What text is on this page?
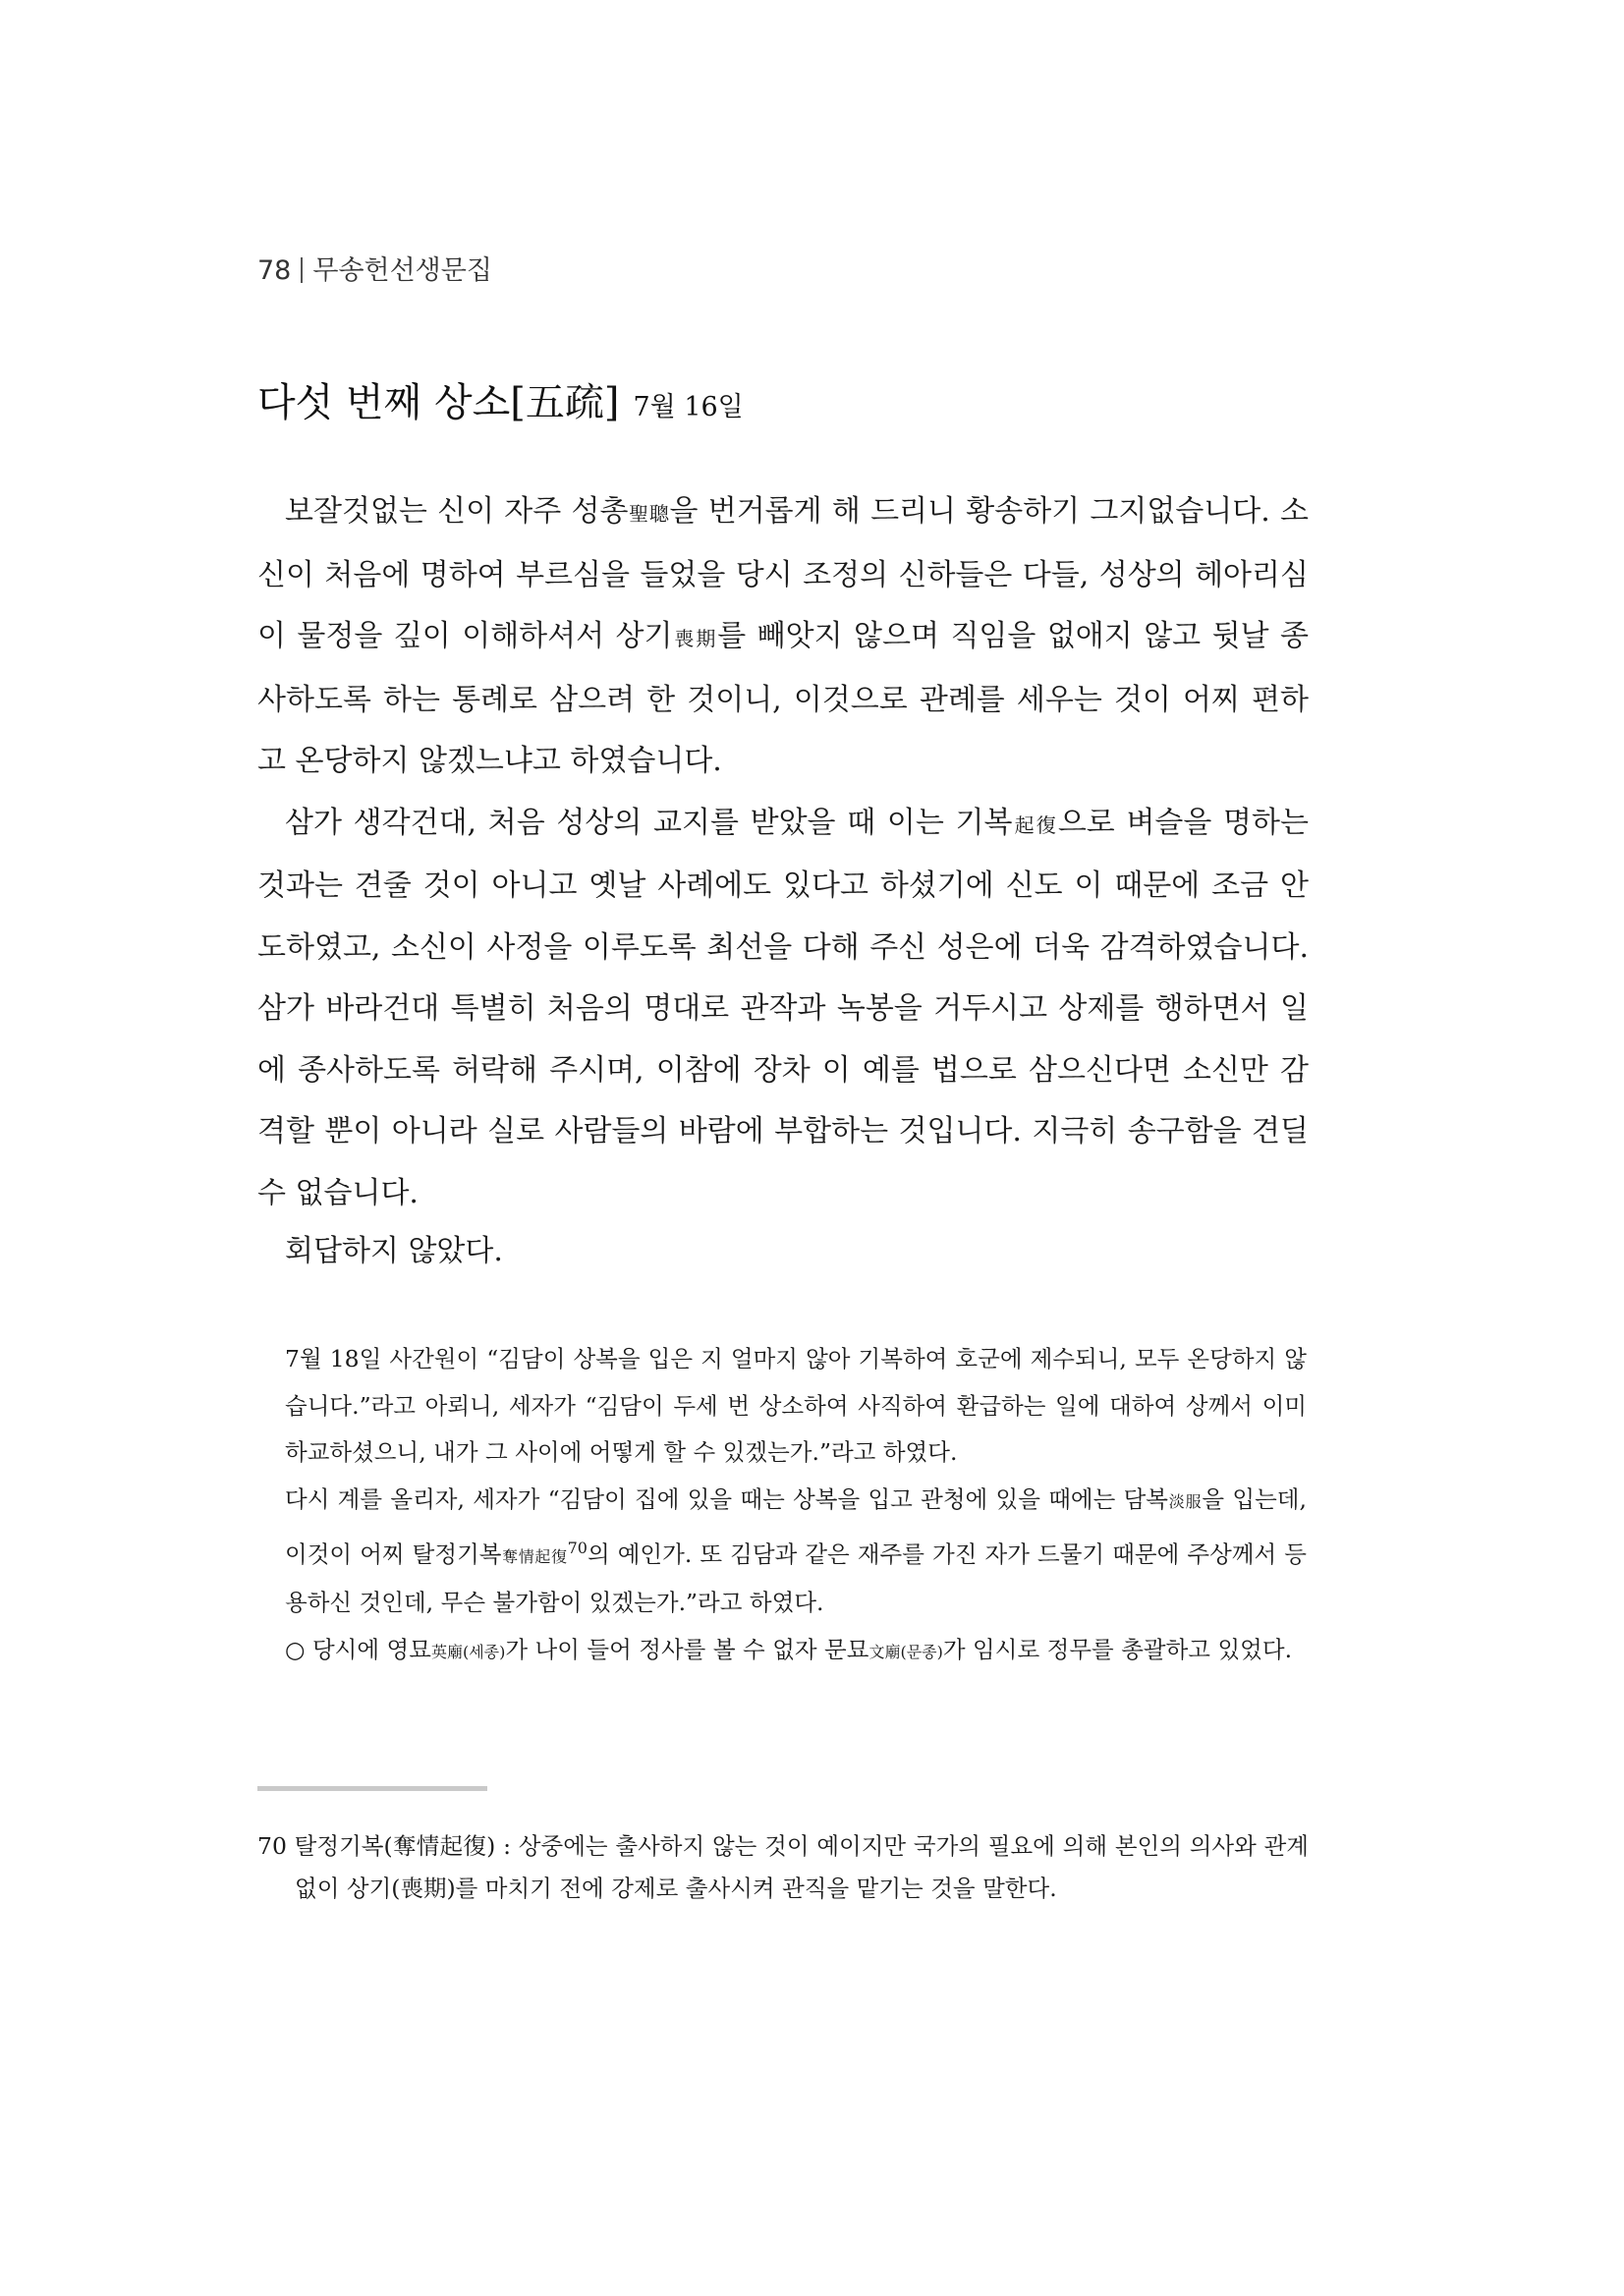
78 무송헌선생문집
다섯 번째 상소[五疏] 7월 16일

보잘것없는 신이 자주 성총聖聰을 번거롭게 해 드리니 황송하기 그지없습니다. 소신이 처음에 명하여 부르심을 들었을 당시 조정의 신하들은 다들, 성상의 헤아리심이 물정을 깊이 이해하셔서 상기喪期를 빼앗지 않으며 직임을 없애지 않고 뒷날 종사하도록 하는 통례로 삼으려 한 것이니, 이것으로 관례를 세우는 것이 어찌 편하고 온당하지 않겠느냐고 하였습니다.

삼가 생각건대, 처음 성상의 교지를 받았을 때 이는 기복起復으로 벼슬을 명하는 것과는 견줄 것이 아니고 옛날 사례에도 있다고 하셨기에 신도 이 때문에 조금 안도하였고, 소신이 사정을 이루도록 최선을 다해 주신 성은에 더욱 감격하였습니다. 삼가 바라건대 특별히 처음의 명대로 관작과 녹봉을 거두시고 상제를 행하면서 일에 종사하도록 허락해 주시며, 이참에 장차 이 예를 법으로 삼으신다면 소신만 감격할 뿐이 아니라 실로 사람들의 바람에 부합하는 것입니다. 지극히 송구함을 견딜 수 없습니다.

회답하지 않았다.

7월 18일 사간원이 “김담이 상복을 입은 지 얼마지 않아 기복하여 호군에 제수되니, 모두 온당하지 않습니다.”라고 아뢰니, 세자가 “김담이 두세 번 상소하여 사직하여 환급하는 일에 대하여 상께서 이미 하교하셨으니, 내가 그 사이에 어떻게 할 수 있겠는가.”라고 하였다.

다시 계를 올리자, 세자가 “김담이 집에 있을 때는 상복을 입고 관청에 있을 때에는 담복淡服을 입는데, 이것이 어찌 탈정기복奪情起復$^{70}$의 예인가. 또 김담과 같은 재주를 가진 자가 드물기 때문에 주상께서 등용하신 것인데, 무슨 불가함이 있겠는가.”라고 하였다.

○ 당시에 영묘英廟(세종)가 나이 들어 정사를 볼 수 없자 문묘文廟(문종)가 임시로 정무를 총괄하고 있었다.

70 탈정기복(奪情起復) : 상중에는 출사하지 않는 것이 예이지만 국가의 필요에 의해 본인의 의사와 관계없이 상기(喪期)를 마치기 전에 강제로 출사시켜 관직을 맡기는 것을 말한다.
